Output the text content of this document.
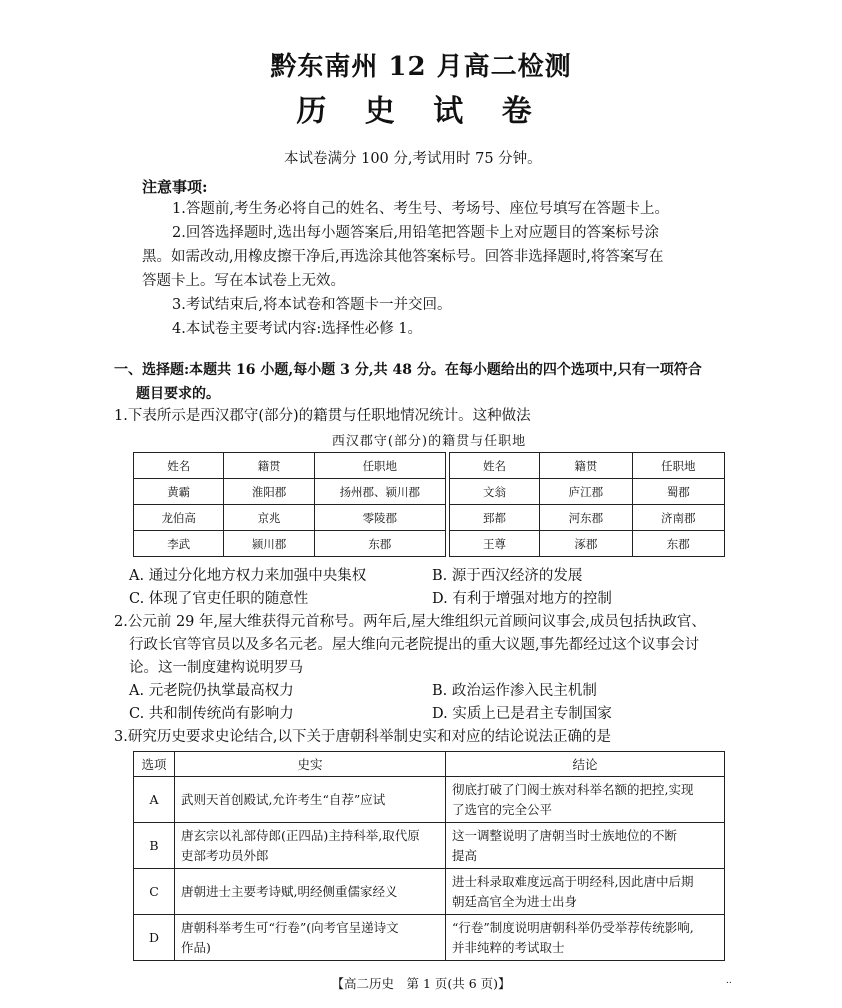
黔东南州 12 月高二检测
历 史 试 卷
本试卷满分 100 分,考试用时 75 分钟。
注意事项:
1.答题前,考生务必将自己的姓名、考生号、考场号、座位号填写在答题卡上。
2.回答选择题时,选出每小题答案后,用铅笔把答题卡上对应题目的答案标号涂
黑。如需改动,用橡皮擦干净后,再选涂其他答案标号。回答非选择题时,将答案写在
答题卡上。写在本试卷上无效。
3.考试结束后,将本试卷和答题卡一并交回。
4.本试卷主要考试内容:选择性必修 1。
一、选择题:本题共 16 小题,每小题 3 分,共 48 分。在每小题给出的四个选项中,只有一项符合
题目要求的。
1.下表所示是西汉郡守(部分)的籍贯与任职地情况统计。这种做法
西汉郡守(部分)的籍贯与任职地
姓名	籍贯	任职地		姓名	籍贯	任职地
黄霸	淮阳郡	扬州郡、颍川郡		文翁	庐江郡	蜀郡
龙伯高	京兆	零陵郡		郅都	河东郡	济南郡
李武	颍川郡	东郡		王尊	涿郡	东郡
A. 通过分化地方权力来加强中央集权	B. 源于西汉经济的发展
C. 体现了官吏任职的随意性	D. 有利于增强对地方的控制
2.公元前 29 年,屋大维获得元首称号。两年后,屋大维组织元首顾问议事会,成员包括执政官、
行政长官等官员以及多名元老。屋大维向元老院提出的重大议题,事先都经过这个议事会讨
论。这一制度建构说明罗马
A. 元老院仍执掌最高权力	B. 政治运作渗入民主机制
C. 共和制传统尚有影响力	D. 实质上已是君主专制国家
3.研究历史要求史论结合,以下关于唐朝科举制史实和对应的结论说法正确的是
选项	史实	结论
A	武则天首创殿试,允许考生“自荐”应试	彻底打破了门阀士族对科举名额的把控,实现
了选官的完全公平
B	唐玄宗以礼部侍郎(正四品)主持科举,取代原
吏部考功员外郎	这一调整说明了唐朝当时士族地位的不断
提高
C	唐朝进士主要考诗赋,明经侧重儒家经义	进士科录取难度远高于明经科,因此唐中后期
朝廷高官全为进士出身
D	唐朝科举考生可“行卷”(向考官呈递诗文
作品)	“行卷”制度说明唐朝科举仍受举荐传统影响,
并非纯粹的考试取士
【高二历史　第 1 页(共 6 页)】	..
